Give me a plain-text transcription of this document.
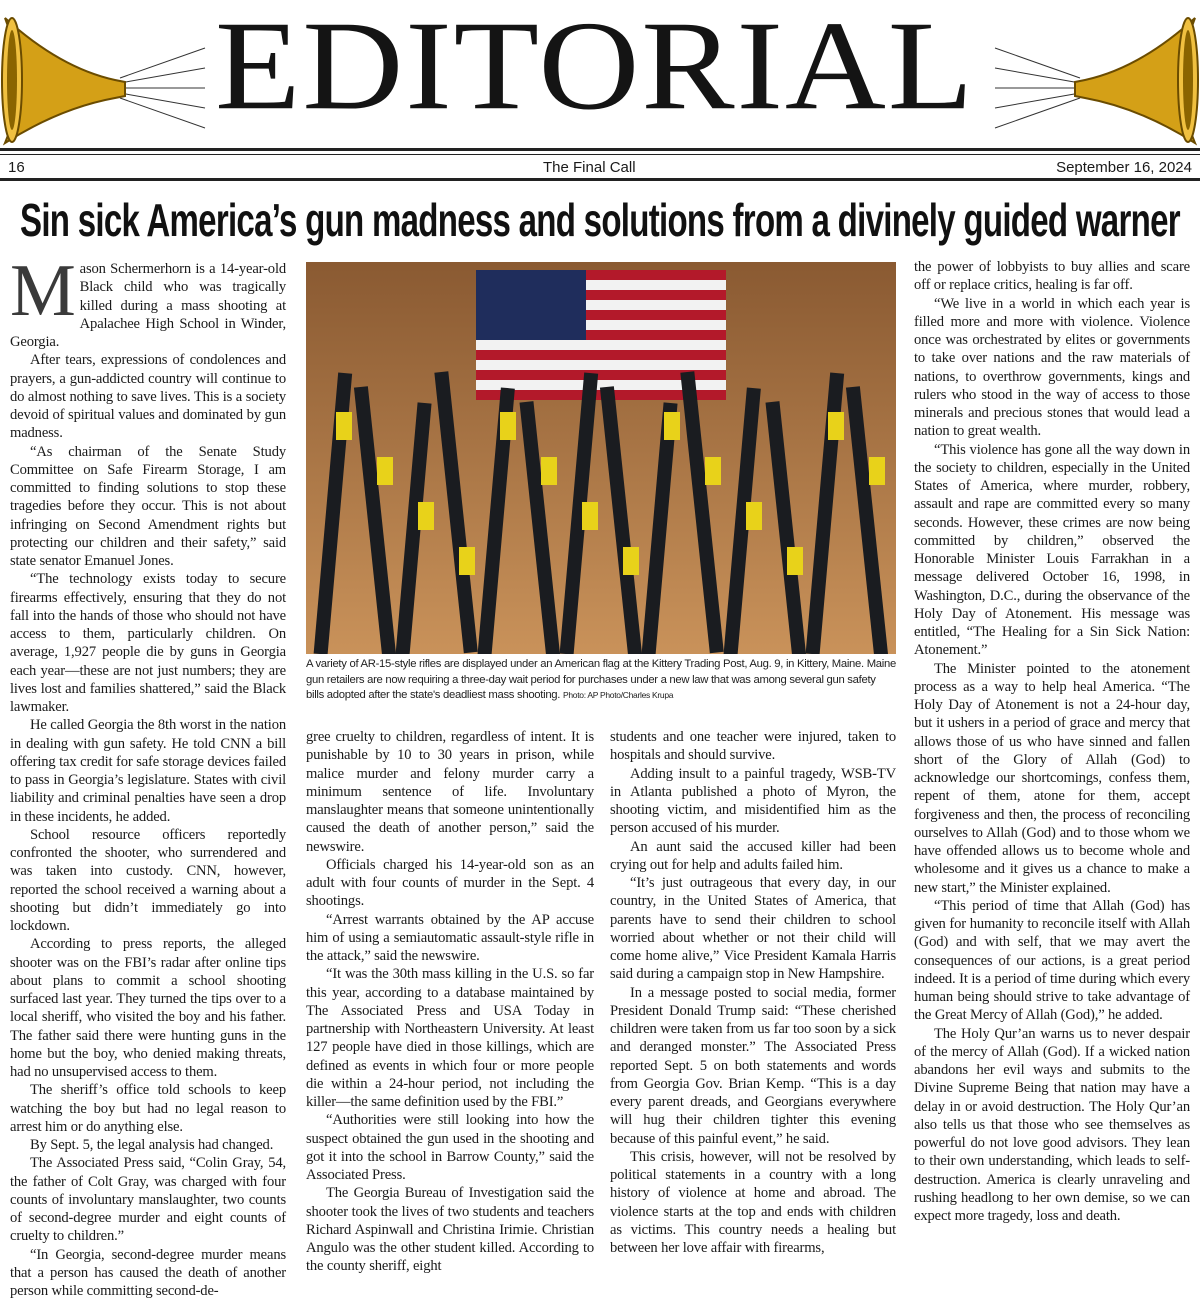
EDITORIAL
16	The Final Call	September 16, 2024
Sin sick America’s gun madness and solutions from a divinely guided warner
A variety of AR-15-style rifles are displayed under an American flag at the Kittery Trading Post, Aug. 9, in Kittery, Maine. Maine gun retailers are now requiring a three-day wait period for purchases under a new law that was among several gun safety bills adopted after the state's deadliest mass shooting. Photo: AP Photo/Charles Krupa

Mason Schermerhorn is a 14-year-old Black child who was tragically killed during a mass shooting at Apalachee High School in Winder, Georgia.

After tears, expressions of condolences and prayers, a gun-addicted country will continue to do almost nothing to save lives. This is a society devoid of spiritual values and dominated by gun madness.

“As chairman of the Senate Study Committee on Safe Firearm Storage, I am committed to finding solutions to stop these tragedies before they occur. This is not about infringing on Second Amendment rights but protecting our children and their safety,” said state senator Emanuel Jones.

“The technology exists today to secure firearms effectively, ensuring that they do not fall into the hands of those who should not have access to them, particularly children. On average, 1,927 people die by guns in Georgia each year—these are not just numbers; they are lives lost and families shattered,” said the Black lawmaker.

He called Georgia the 8th worst in the nation in dealing with gun safety. He told CNN a bill offering tax credit for safe storage devices failed to pass in Georgia’s legislature. States with civil liability and criminal penalties have seen a drop in these incidents, he added.

School resource officers reportedly confronted the shooter, who surrendered and was taken into custody. CNN, however, reported the school received a warning about a shooting but didn’t immediately go into lockdown.

According to press reports, the alleged shooter was on the FBI’s radar after online tips about plans to commit a school shooting surfaced last year. They turned the tips over to a local sheriff, who visited the boy and his father. The father said there were hunting guns in the home but the boy, who denied making threats, had no unsupervised access to them.

The sheriff’s office told schools to keep watching the boy but had no legal reason to arrest him or do anything else.

By Sept. 5, the legal analysis had changed.

The Associated Press said, “Colin Gray, 54, the father of Colt Gray, was charged with four counts of involuntary manslaughter, two counts of second-degree murder and eight counts of cruelty to children.”

“In Georgia, second-degree murder means that a person has caused the death of another person while committing second-de-

gree cruelty to children, regardless of intent. It is punishable by 10 to 30 years in prison, while malice murder and felony murder carry a minimum sentence of life. Involuntary manslaughter means that someone unintentionally caused the death of another person,” said the newswire.

Officials charged his 14-year-old son as an adult with four counts of murder in the Sept. 4 shootings.

“Arrest warrants obtained by the AP accuse him of using a semiautomatic assault-style rifle in the attack,” said the newswire.

“It was the 30th mass killing in the U.S. so far this year, according to a database maintained by The Associated Press and USA Today in partnership with Northeastern University. At least 127 people have died in those killings, which are defined as events in which four or more people die within a 24-hour period, not including the killer—the same definition used by the FBI.”

“Authorities were still looking into how the suspect obtained the gun used in the shooting and got it into the school in Barrow County,” said the Associated Press.

The Georgia Bureau of Investigation said the shooter took the lives of two students and teachers Richard Aspinwall and Christina Irimie. Christian Angulo was the other student killed. According to the county sheriff, eight

students and one teacher were injured, taken to hospitals and should survive.

Adding insult to a painful tragedy, WSB-TV in Atlanta published a photo of Myron, the shooting victim, and misidentified him as the person accused of his murder.

An aunt said the accused killer had been crying out for help and adults failed him.

“It’s just outrageous that every day, in our country, in the United States of America, that parents have to send their children to school worried about whether or not their child will come home alive,” Vice President Kamala Harris said during a campaign stop in New Hampshire.

In a message posted to social media, former President Donald Trump said: “These cherished children were taken from us far too soon by a sick and deranged monster.” The Associated Press reported Sept. 5 on both statements and words from Georgia Gov. Brian Kemp. “This is a day every parent dreads, and Georgians everywhere will hug their children tighter this evening because of this painful event,” he said.

This crisis, however, will not be resolved by political statements in a country with a long history of violence at home and abroad. The violence starts at the top and ends with children as victims. This country needs a healing but between her love affair with firearms,

the power of lobbyists to buy allies and scare off or replace critics, healing is far off.

“We live in a world in which each year is filled more and more with violence. Violence once was orchestrated by elites or governments to take over nations and the raw materials of nations, to overthrow governments, kings and rulers who stood in the way of access to those minerals and precious stones that would lead a nation to great wealth.

“This violence has gone all the way down in the society to children, especially in the United States of America, where murder, robbery, assault and rape are committed every so many seconds. However, these crimes are now being committed by children,” observed the Honorable Minister Louis Farrakhan in a message delivered October 16, 1998, in Washington, D.C., during the observance of the Holy Day of Atonement. His message was entitled, “The Healing for a Sin Sick Nation: Atonement.”

The Minister pointed to the atonement process as a way to help heal America. “The Holy Day of Atonement is not a 24-hour day, but it ushers in a period of grace and mercy that allows those of us who have sinned and fallen short of the Glory of Allah (God) to acknowledge our shortcomings, confess them, repent of them, atone for them, accept forgiveness and then, the process of reconciling ourselves to Allah (God) and to those whom we have offended allows us to become whole and wholesome and it gives us a chance to make a new start,” the Minister explained.

“This period of time that Allah (God) has given for humanity to reconcile itself with Allah (God) and with self, that we may avert the consequences of our actions, is a great period indeed. It is a period of time during which every human being should strive to take advantage of the Great Mercy of Allah (God),” he added.

The Holy Qur’an warns us to never despair of the mercy of Allah (God). If a wicked nation abandons her evil ways and submits to the Divine Supreme Being that nation may have a delay in or avoid destruction. The Holy Qur’an also tells us that those who see themselves as powerful do not love good advisors. They lean to their own understanding, which leads to self-destruction. America is clearly unraveling and rushing headlong to her own demise, so we can expect more tragedy, loss and death.
